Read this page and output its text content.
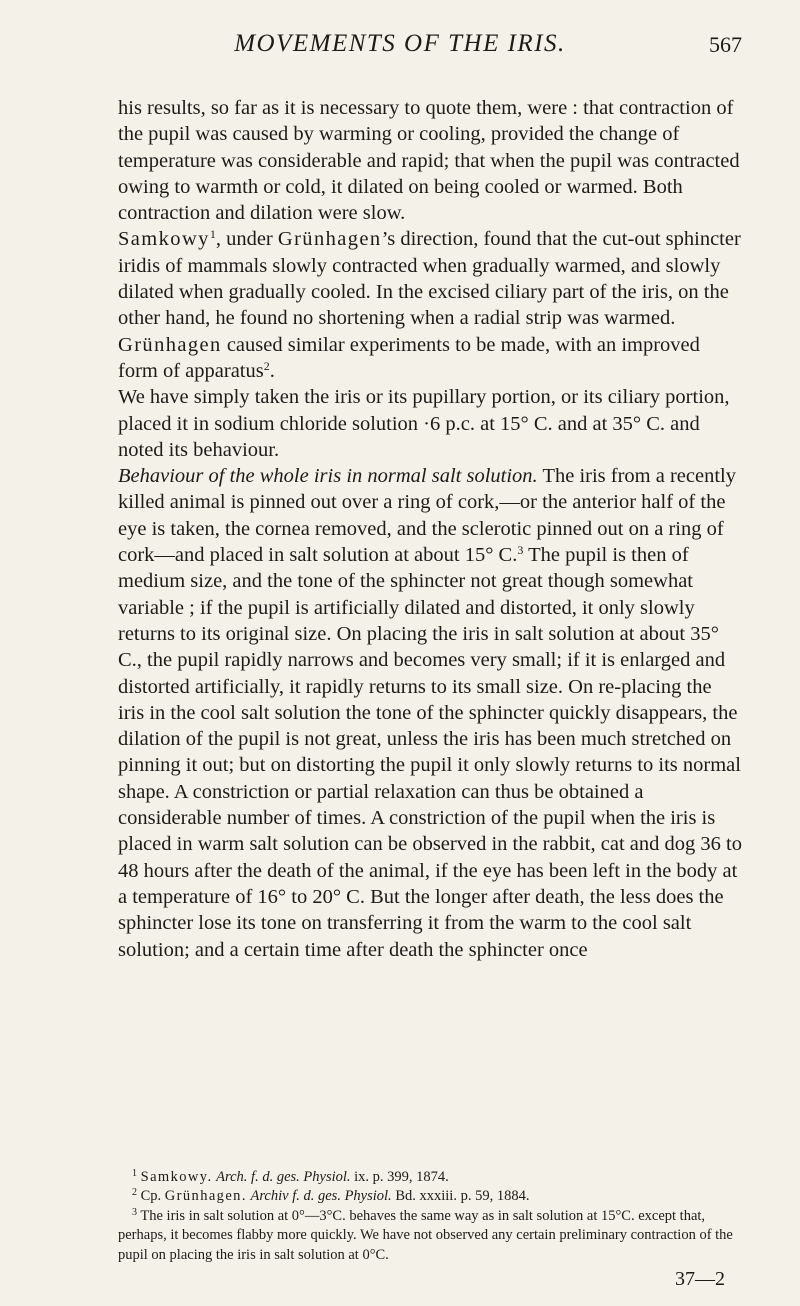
MOVEMENTS OF THE IRIS.	567

his results, so far as it is necessary to quote them, were : that contraction of the pupil was caused by warming or cooling, provided the change of temperature was considerable and rapid; that when the pupil was contracted owing to warmth or cold, it dilated on being cooled or warmed. Both contraction and dilation were slow.

Samkowy$^1$, under Grünhagen’s direction, found that the cut-out sphincter iridis of mammals slowly contracted when gradually warmed, and slowly dilated when gradually cooled. In the excised ciliary part of the iris, on the other hand, he found no shortening when a radial strip was warmed.

Grünhagen caused similar experiments to be made, with an improved form of apparatus$^2$.

We have simply taken the iris or its pupillary portion, or its ciliary portion, placed it in sodium chloride solution ·6 p.c. at 15° C. and at 35° C. and noted its behaviour.

Behaviour of the whole iris in normal salt solution. The iris from a recently killed animal is pinned out over a ring of cork,—or the anterior half of the eye is taken, the cornea removed, and the sclerotic pinned out on a ring of cork—and placed in salt solution at about 15° C.$^3$ The pupil is then of medium size, and the tone of the sphincter not great though somewhat variable ; if the pupil is artificially dilated and distorted, it only slowly returns to its original size. On placing the iris in salt solution at about 35° C., the pupil rapidly narrows and becomes very small; if it is enlarged and distorted artificially, it rapidly returns to its small size. On re-placing the iris in the cool salt solution the tone of the sphincter quickly disappears, the dilation of the pupil is not great, unless the iris has been much stretched on pinning it out; but on distorting the pupil it only slowly returns to its normal shape. A constriction or partial relaxation can thus be obtained a considerable number of times. A constriction of the pupil when the iris is placed in warm salt solution can be observed in the rabbit, cat and dog 36 to 48 hours after the death of the animal, if the eye has been left in the body at a temperature of 16° to 20° C. But the longer after death, the less does the sphincter lose its tone on transferring it from the warm to the cool salt solution; and a certain time after death the sphincter once

$^1$ Samkowy. Arch. f. d. ges. Physiol. ix. p. 399, 1874.

$^2$ Cp. Grünhagen. Archiv f. d. ges. Physiol. Bd. xxxiii. p. 59, 1884.

$^3$ The iris in salt solution at 0°—3°C. behaves the same way as in salt solution at 15°C. except that, perhaps, it becomes flabby more quickly. We have not observed any certain preliminary contraction of the pupil on placing the iris in salt solution at 0°C.

37—2
